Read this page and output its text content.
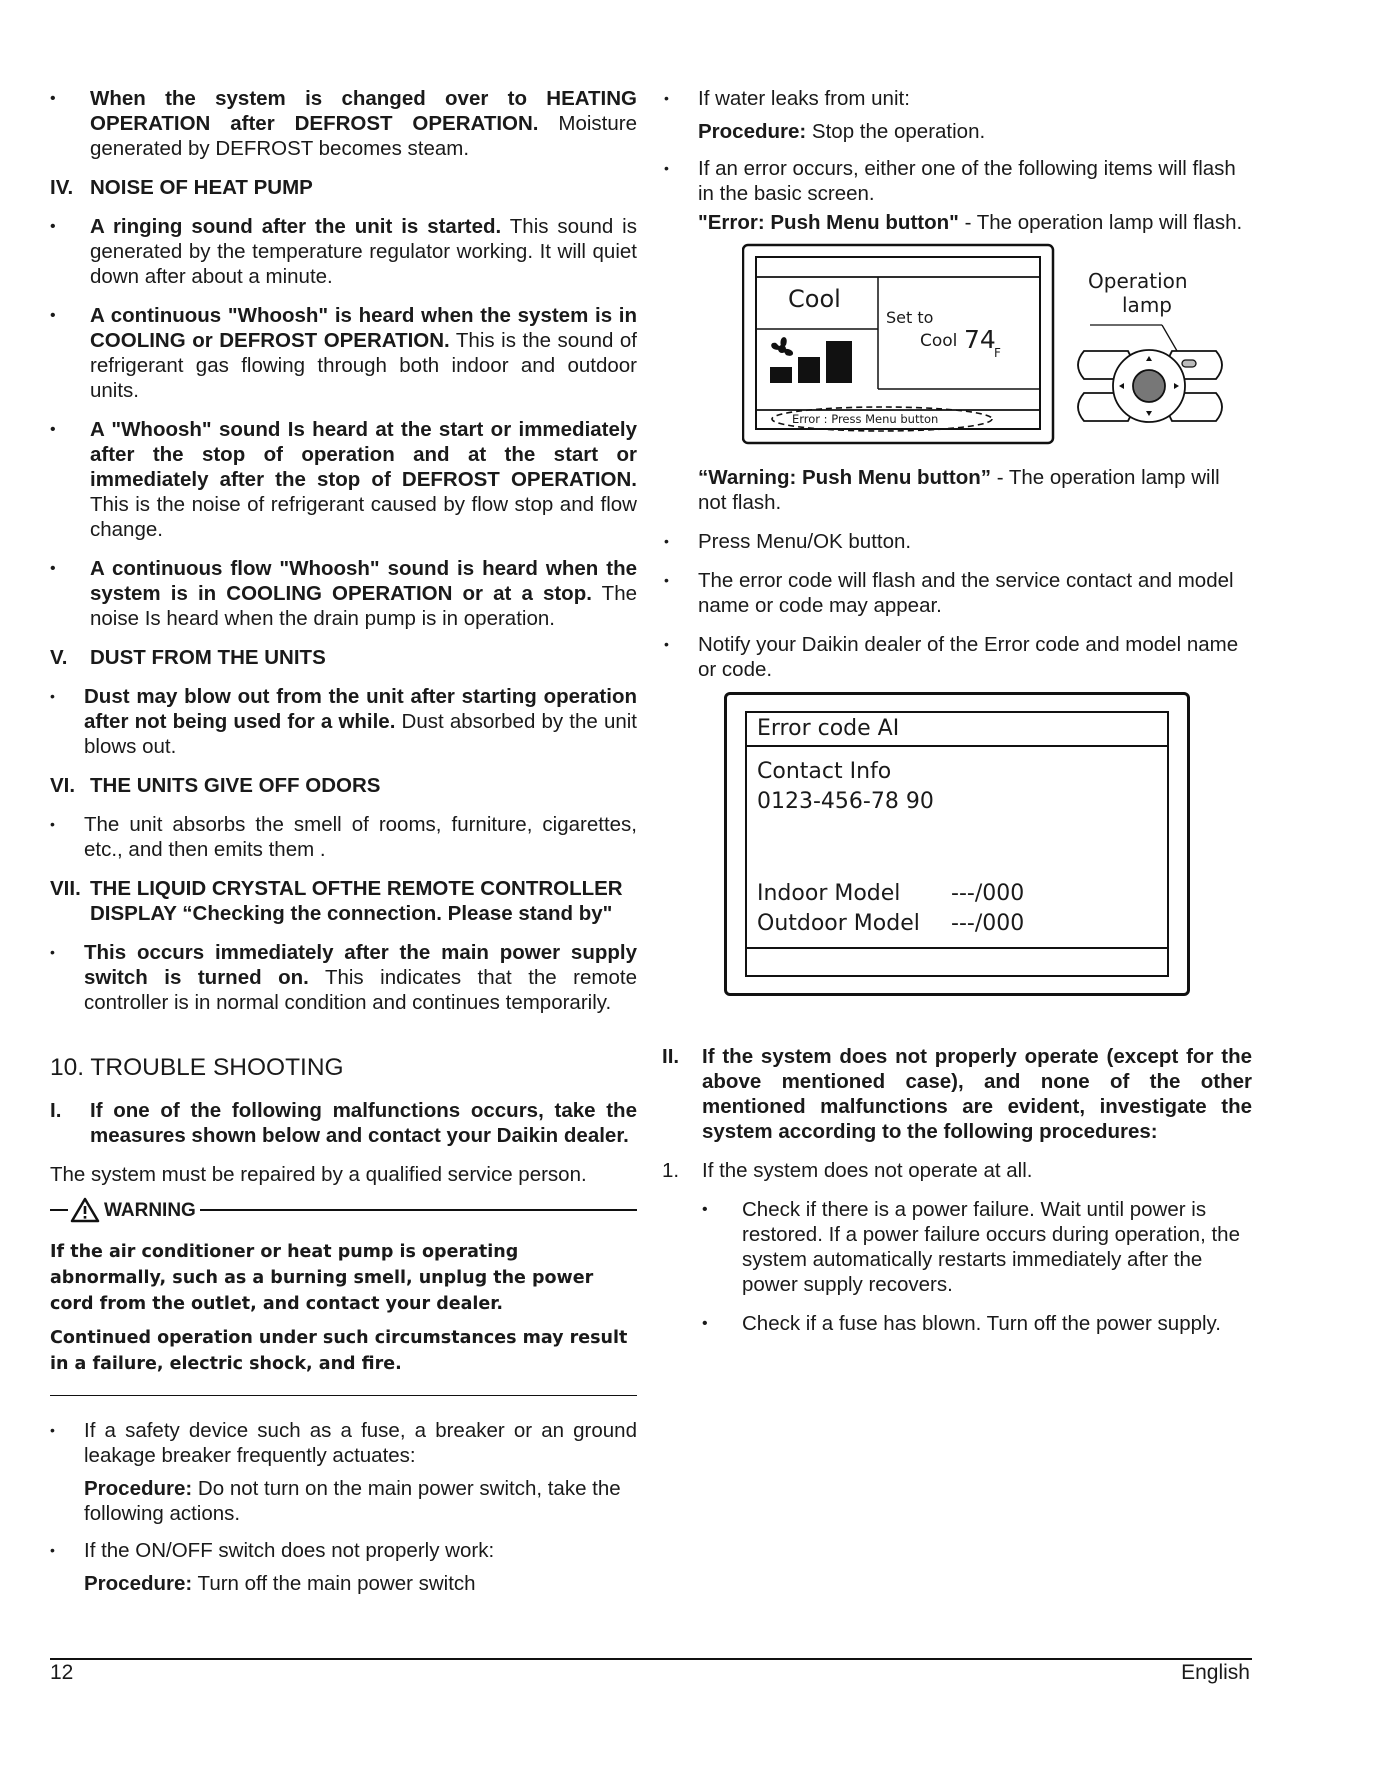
• When the system is changed over to HEATING OPERATION after DEFROST OPERATION. Moisture generated by DEFROST becomes steam.

IV. NOISE OF HEAT PUMP

• A ringing sound after the unit is started. This sound is generated by the temperature regulator working. It will quiet down after about a minute.

• A continuous "Whoosh" is heard when the system is in COOLING or DEFROST OPERATION. This is the sound of refrigerant gas flowing through both indoor and outdoor units.

• A "Whoosh" sound Is heard at the start or immediately after the stop of operation and at the start or immediately after the stop of DEFROST OPERATION. This is the noise of refrigerant caused by flow stop and flow change.

• A continuous flow "Whoosh" sound is heard when the system is in COOLING OPERATION or at a stop. The noise Is heard when the drain pump is in operation.

V. DUST FROM THE UNITS

• Dust may blow out from the unit after starting operation after not being used for a while. Dust absorbed by the unit blows out.

VI. THE UNITS GIVE OFF ODORS

• The unit absorbs the smell of rooms, furniture, cigarettes, etc., and then emits them .

VII. THE LIQUID CRYSTAL OFTHE REMOTE CONTROLLER DISPLAY “Checking the connection. Please stand by"

• This occurs immediately after the main power supply switch is turned on. This indicates that the remote controller is in normal condition and continues temporarily.

10. TROUBLE SHOOTING

I. If one of the following malfunctions occurs, take the measures shown below and contact your Daikin dealer.

The system must be repaired by a qualified service person.

WARNING

If the air conditioner or heat pump is operating abnormally, such as a burning smell, unplug the power cord from the outlet, and contact your dealer.

Continued operation under such circumstances may result in a failure, electric shock, and fire.

• If a safety device such as a fuse, a breaker or an ground leakage breaker frequently actuates:

Procedure: Do not turn on the main power switch, take the following actions.

• If the ON/OFF switch does not properly work:

Procedure: Turn off the main power switch

• If water leaks from unit:

Procedure: Stop the operation.

• If an error occurs, either one of the following items will flash in the basic screen.

"Error: Push Menu button" - The operation lamp will flash.

Cool
Set to
Cool 74
F
Error : Press Menu button
Operation
lamp

“Warning: Push Menu button” - The operation lamp will not flash.

• Press Menu/OK button.

• The error code will flash and the service contact and model name or code may appear.

• Notify your Daikin dealer of the Error code and model name or code.

Error code AI
Contact Info
0123-456-78 90
Indoor Model ---/000
Outdoor Model ---/000

II. If the system does not properly operate (except for the above mentioned case), and none of the other mentioned malfunctions are evident, investigate the system according to the following procedures:

1. If the system does not operate at all.

• Check if there is a power failure. Wait until power is restored. If a power failure occurs during operation, the system automatically restarts immediately after the power supply recovers.

• Check if a fuse has blown. Turn off the power supply.

12	English
